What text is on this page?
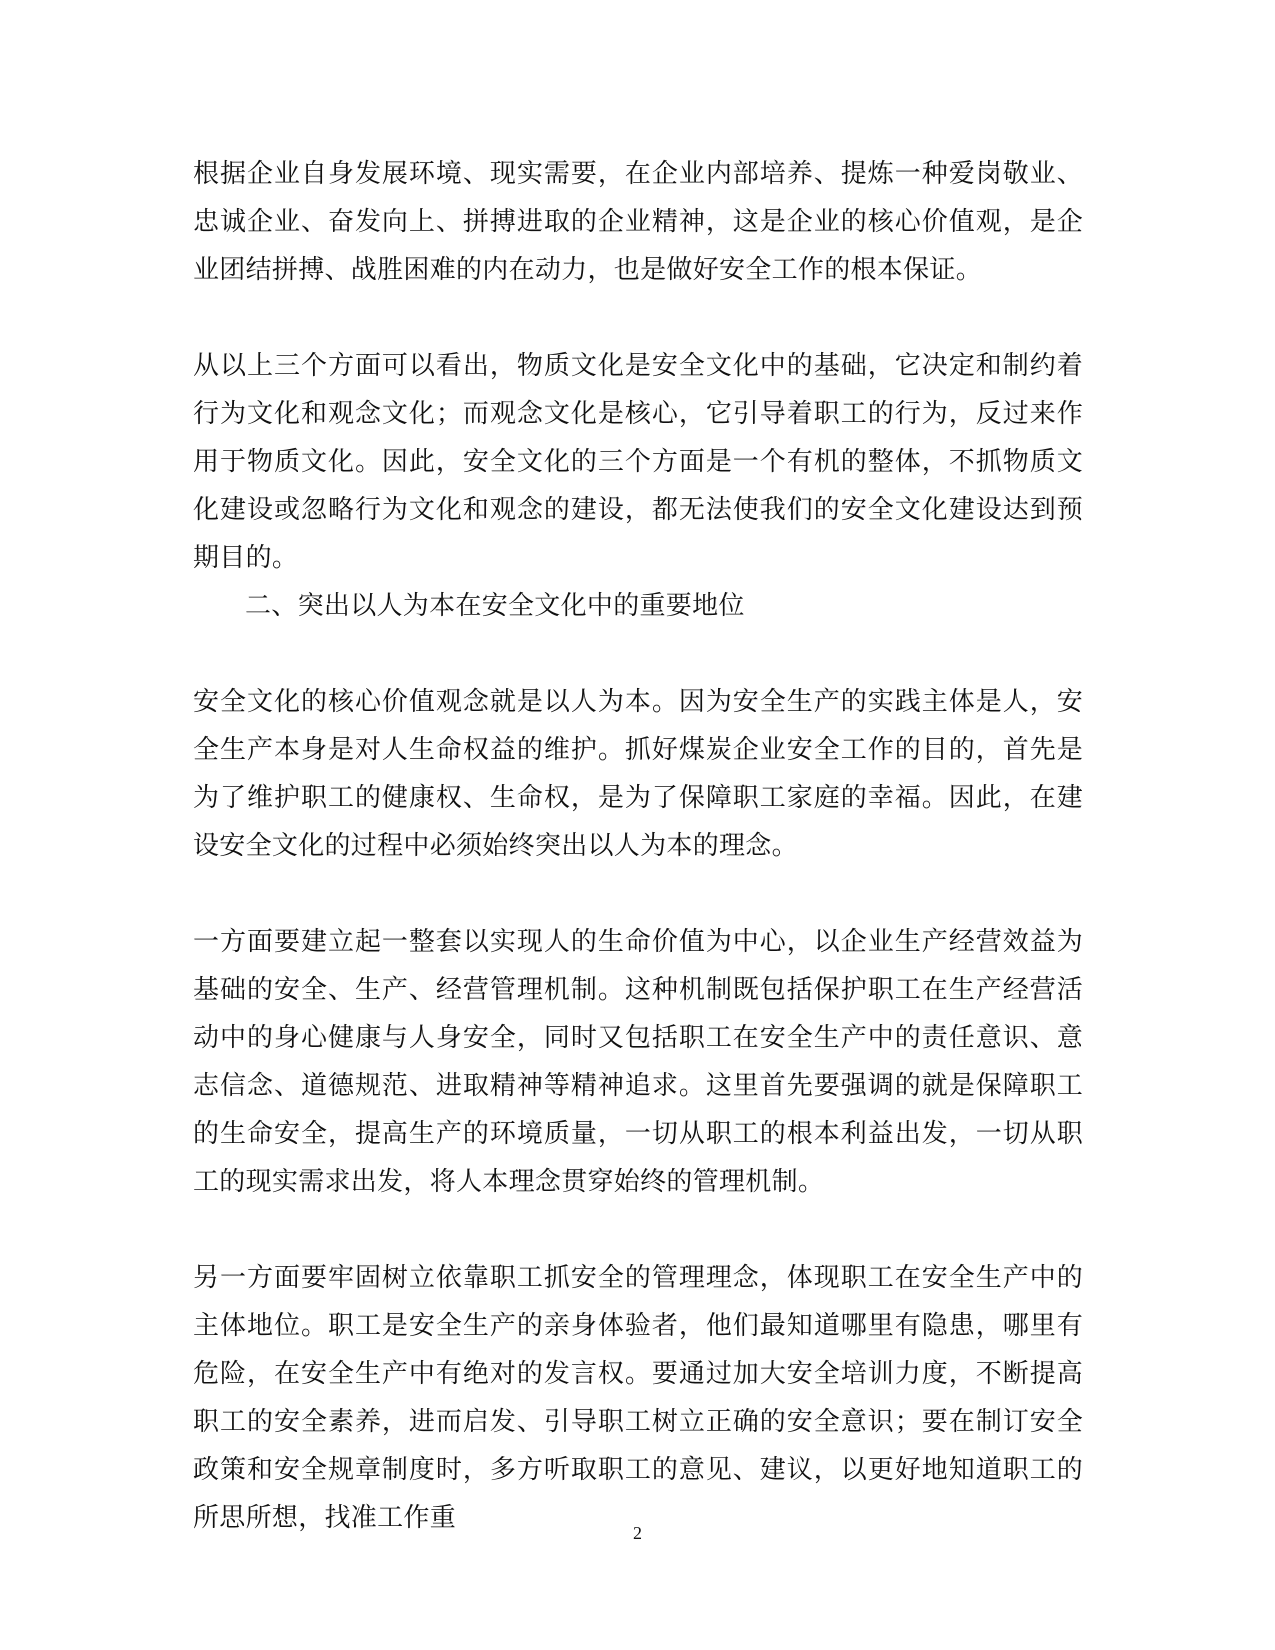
根据企业自身发展环境、现实需要，在企业内部培养、提炼一种爱岗敬业、忠诚企业、奋发向上、拼搏进取的企业精神，这是企业的核心价值观，是企业团结拼搏、战胜困难的内在动力，也是做好安全工作的根本保证。

从以上三个方面可以看出，物质文化是安全文化中的基础，它决定和制约着行为文化和观念文化；而观念文化是核心，它引导着职工的行为，反过来作用于物质文化。因此，安全文化的三个方面是一个有机的整体，不抓物质文化建设或忽略行为文化和观念的建设，都无法使我们的安全文化建设达到预期目的。

二、突出以人为本在安全文化中的重要地位

安全文化的核心价值观念就是以人为本。因为安全生产的实践主体是人，安全生产本身是对人生命权益的维护。抓好煤炭企业安全工作的目的，首先是为了维护职工的健康权、生命权，是为了保障职工家庭的幸福。因此，在建设安全文化的过程中必须始终突出以人为本的理念。

一方面要建立起一整套以实现人的生命价值为中心，以企业生产经营效益为基础的安全、生产、经营管理机制。这种机制既包括保护职工在生产经营活动中的身心健康与人身安全，同时又包括职工在安全生产中的责任意识、意志信念、道德规范、进取精神等精神追求。这里首先要强调的就是保障职工的生命安全，提高生产的环境质量，一切从职工的根本利益出发，一切从职工的现实需求出发，将人本理念贯穿始终的管理机制。

另一方面要牢固树立依靠职工抓安全的管理理念，体现职工在安全生产中的主体地位。职工是安全生产的亲身体验者，他们最知道哪里有隐患，哪里有危险，在安全生产中有绝对的发言权。要通过加大安全培训力度，不断提高职工的安全素养，进而启发、引导职工树立正确的安全意识；要在制订安全政策和安全规章制度时，多方听取职工的意见、建议，以更好地知道职工的所思所想，找准工作重	2
